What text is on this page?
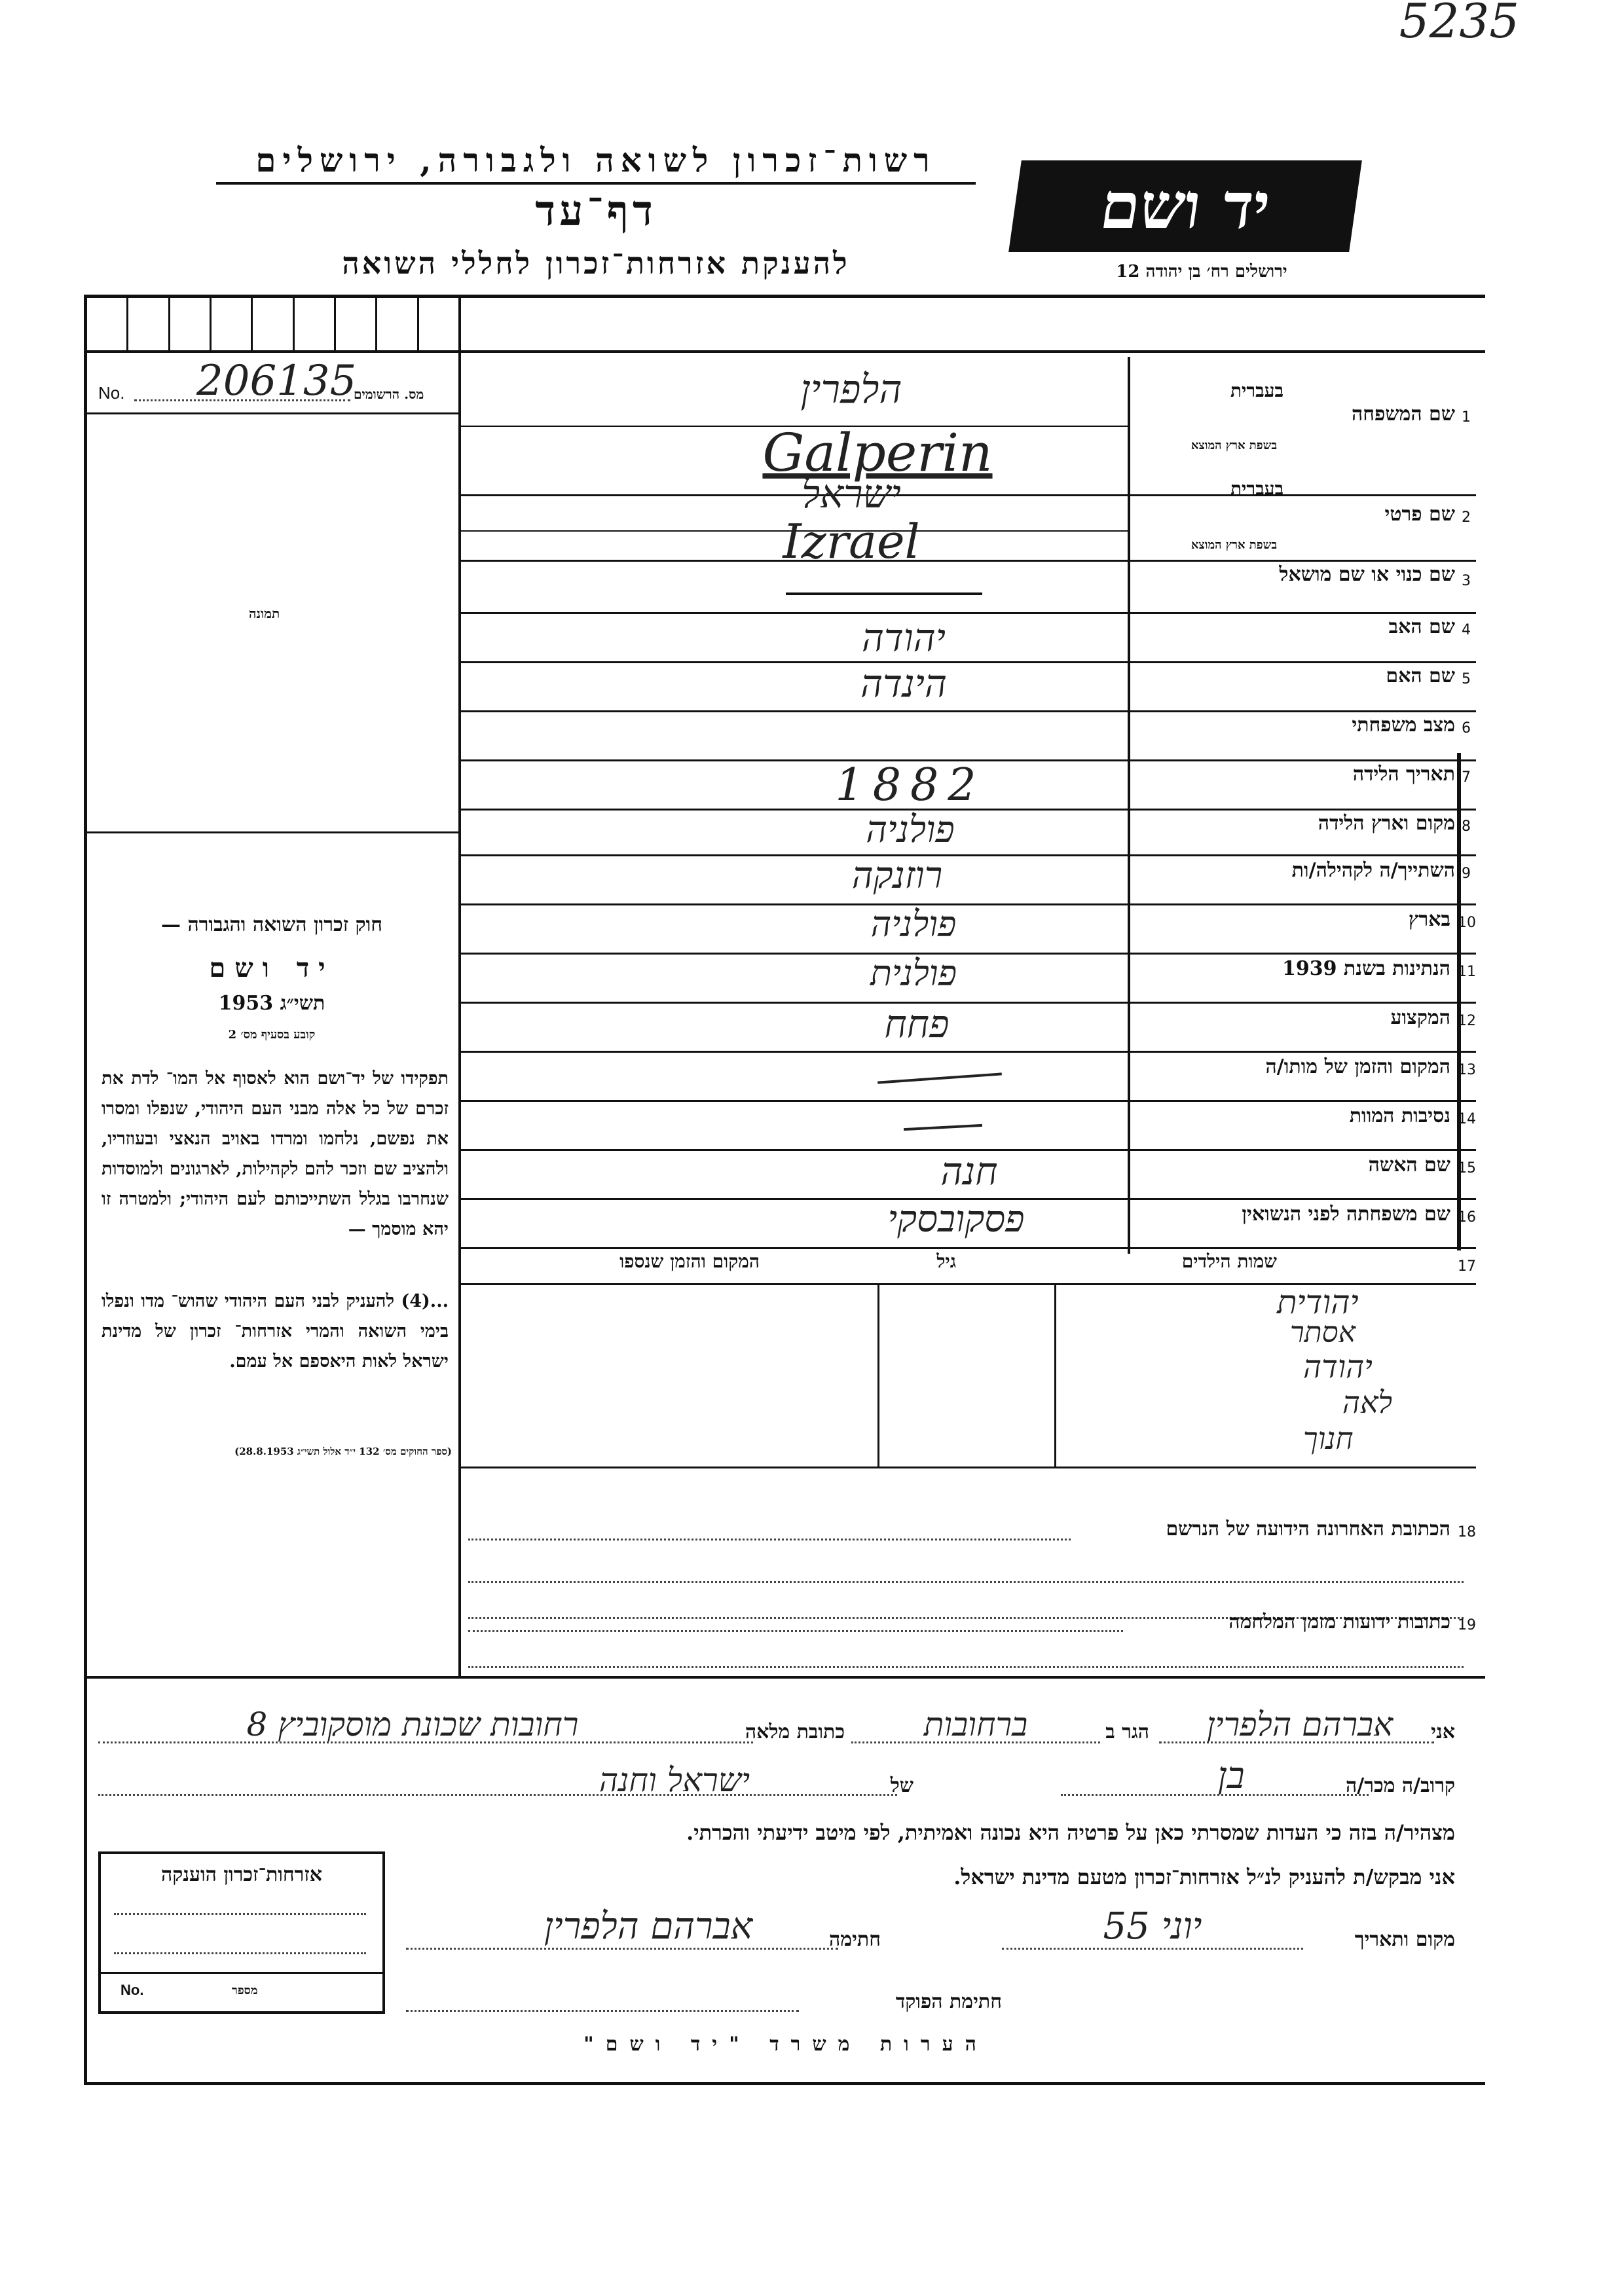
5235
רשות־זכרון לשואה ולגבורה, ירושלים
דף־עד
להענקת אזרחות־זכרון לחללי השואה
יד ושם
ירושלים רח׳ בן יהודה 12
No. 206135
מס. הרשומים
תמונה
חוק זכרון השואה והגבורה —
יד ושם
תשי״ג 1953
קובע בסעיף מס׳ 2
תפקידו של יד־ושם הוא לאסוף אל המו־ לדת את זכרם של כל אלה מבני העם היהודי, שנפלו ומסרו את נפשם, נלחמו ומרדו באויב הנאצי ובעוזריו, ולהציב שם וזכר להם לקהילות, לארגונים ולמוסדות שנחרבו בגלל השתייכותם לעם היהודי; ולמטרה זו יהא מוסמך —
...(4) להעניק לבני העם היהודי שהוש־ מדו ונפלו בימי השואה והמרי אזרחות־ זכרון של מדינת ישראל לאות היאספם אל עמם.
(ספר החוקים מס׳ 132 י״ד אלול תשי״ג 28.8.1953)
1
שם המשפחה
בעברית
בשפת ארץ המוצא
הלפרין
Galperin
2
שם פרטי
בעברית
בשפת ארץ המוצא
ישראל
Izrael
3
שם כנוי או שם מושאל
4
שם האב
יהודה
5
שם האם
הינדה
6
מצב משפחתי
7
תאריך הלידה
1882
8
מקום וארץ הלידה
פולניה
9
השתייך/ה לקהילה/ות
רוזנקה
10
בארץ
פולניה
11
הנתינות בשנת 1939
פולנית
12
המקצוע
פחח
13
המקום והזמן של מותו/ה
14
נסיבות המוות
15
שם האשה
חנה
16
שם משפחתה לפני הנשואין
פסקובסקי
17
שמות הילדים
גיל
המקום והזמן שנספו
יהודית
אסתר
יהודה
לאה
חנוך
18
הכתובת האחרונה הידועה של הנרשם
19
כתובות ידועות מזמן המלחמה
אני
אברהם הלפרין
הגר ב
ברחובות
כתובת מלאה
רחובות שכונת מוסקוביץ 8
קרוב/ה מכר/ה
בן
של
ישראל וחנה
מצהיר/ה בזה כי העדות שמסרתי כאן על פרטיה היא נכונה ואמיתית, לפי מיטב ידיעתי והכרתי.
אני מבקש/ת להעניק לנ״ל אזרחות־זכרון מטעם מדינת ישראל.
מקום ותאריך
יוני 55
חתימה
אברהם הלפרין
חתימת הפוקד
אזרחות־זכרון הוענקה
No.	מספר
הערות משרד "יד ושם"
